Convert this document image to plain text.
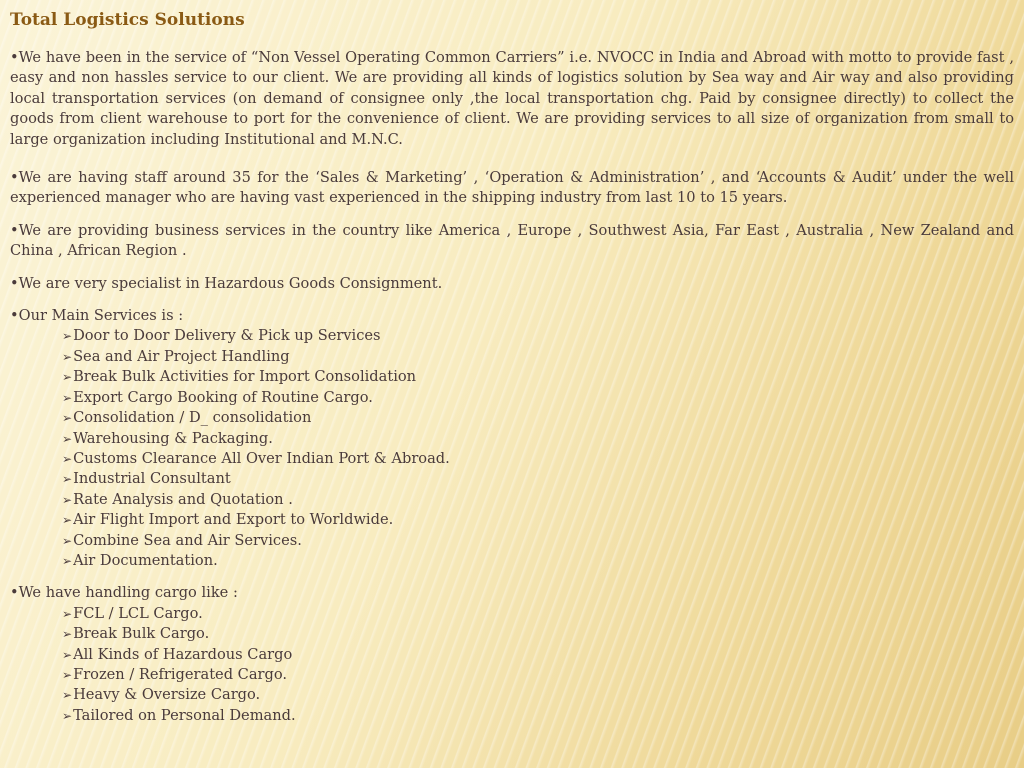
Total Logistics Solutions

•We have been in the service of “Non Vessel Operating Common Carriers” i.e. NVOCC in India and Abroad with motto to provide fast , easy and non hassles service to our client. We are providing all kinds of logistics solution by Sea way and Air way and also providing local transportation services (on demand of consignee only ,the local transportation chg. Paid by consignee directly) to collect the goods from client warehouse to port for the convenience of client. We are providing services to all size of organization from small to large organization including Institutional and M.N.C.

•We are having staff around 35 for the ‘Sales & Marketing’ , ‘Operation & Administration’ , and ‘Accounts & Audit’ under the well experienced manager who are having vast experienced in the shipping industry from last 10 to 15 years.

•We are providing business services in the country like America , Europe , Southwest Asia, Far East , Australia , New Zealand and China , African Region .

•We are very specialist in Hazardous Goods Consignment.

•Our Main Services is :

➢Door to Door Delivery & Pick up Services
➢Sea and Air Project Handling
➢Break Bulk Activities for Import Consolidation
➢Export Cargo Booking of Routine Cargo.
➢Consolidation / D_ consolidation
➢Warehousing & Packaging.
➢Customs Clearance All Over Indian Port & Abroad.
➢Industrial Consultant
➢Rate Analysis and Quotation .
➢Air Flight Import and Export to Worldwide.
➢Combine Sea and Air Services.
➢Air Documentation.

•We have handling cargo like :

➢FCL / LCL Cargo.
➢Break Bulk Cargo.
➢All Kinds of Hazardous Cargo
➢Frozen / Refrigerated Cargo.
➢Heavy & Oversize Cargo.
➢Tailored on Personal Demand.
